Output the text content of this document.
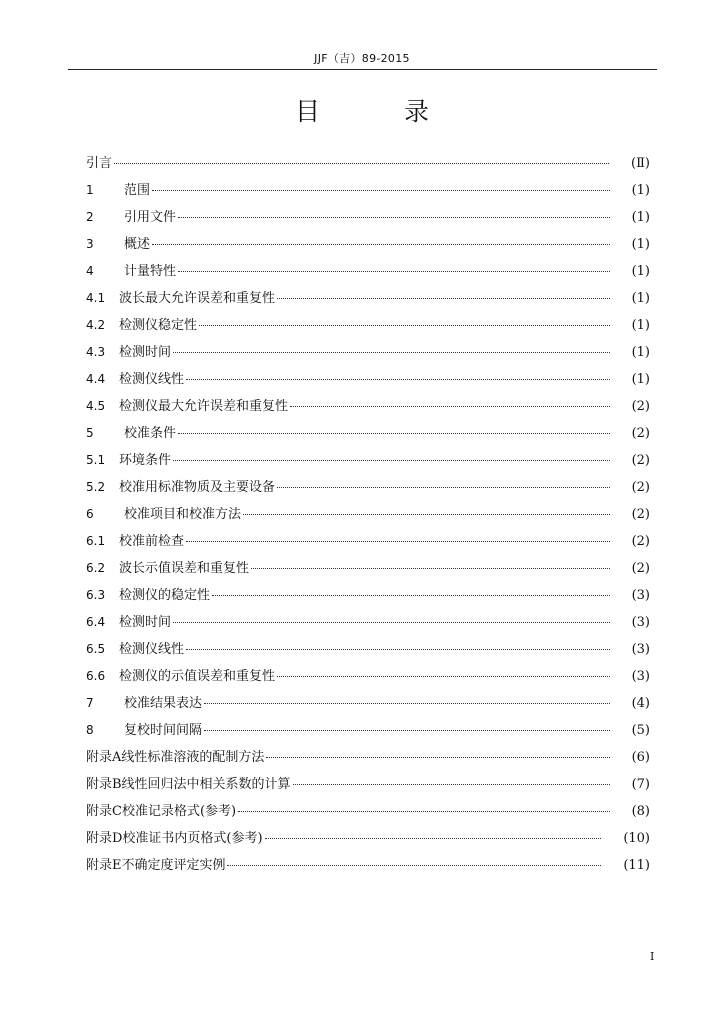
JJF（吉）89-2015
目 录
引言	(Ⅱ)
1 范围	(1)
2 引用文件	(1)
3 概述	(1)
4 计量特性	(1)
4.1 波长最大允许误差和重复性	(1)
4.2 检测仪稳定性	(1)
4.3 检测时间	(1)
4.4 检测仪线性	(1)
4.5 检测仪最大允许误差和重复性	(2)
5 校准条件	(2)
5.1 环境条件	(2)
5.2 校准用标准物质及主要设备	(2)
6 校准项目和校准方法	(2)
6.1 校准前检查	(2)
6.2 波长示值误差和重复性	(2)
6.3 检测仪的稳定性	(3)
6.4 检测时间	(3)
6.5 检测仪线性	(3)
6.6 检测仪的示值误差和重复性	(3)
7 校准结果表达	(4)
8 复校时间间隔	(5)
附录A线性标准溶液的配制方法	(6)
附录B线性回归法中相关系数的计算	(7)
附录C校准记录格式(参考)	(8)
附录D校准证书内页格式(参考)	(10)
附录E不确定度评定实例	(11)
I
